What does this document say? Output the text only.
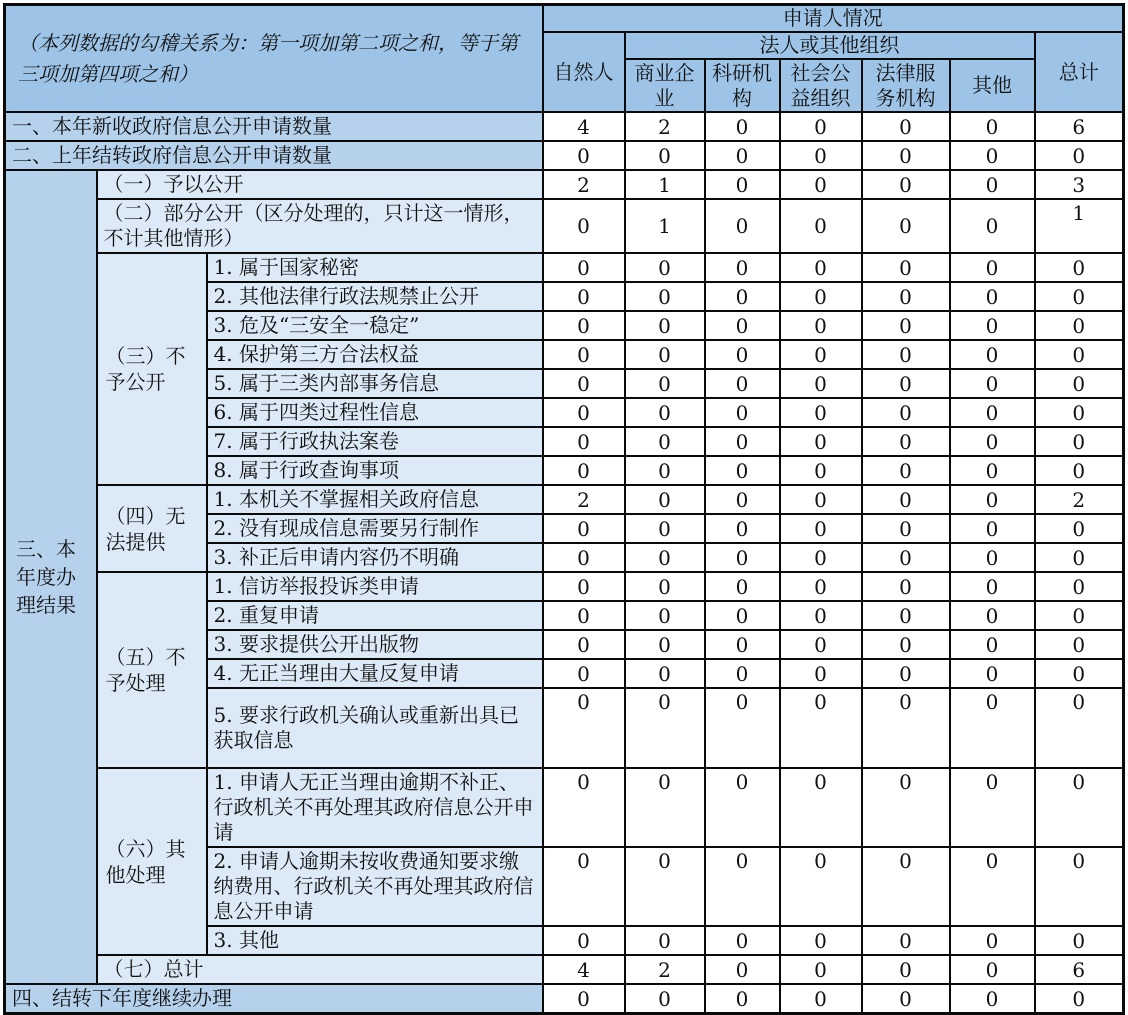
（本列数据的勾稽关系为：第一项加第二项之和，等于第三项加第四项之和）			申请人情况						
			自然人	法人或其他组织					总计
				商业企业	科研机构	社会公益组织	法律服务机构	其他	
一、本年新收政府信息公开申请数量			4	2	0	0	0	0	6
二、上年结转政府信息公开申请数量			0	0	0	0	0	0	0
三、本年度办理结果	（一）予以公开		2	1	0	0	0	0	3
	（二）部分公开（区分处理的，只计这一情形，不计其他情形）		0	1	0	0	0	0	1
	（三）不予公开	1. 属于国家秘密	0	0	0	0	0	0	0
		2. 其他法律行政法规禁止公开	0	0	0	0	0	0	0
		3. 危及“三安全一稳定”	0	0	0	0	0	0	0
		4. 保护第三方合法权益	0	0	0	0	0	0	0
		5. 属于三类内部事务信息	0	0	0	0	0	0	0
		6. 属于四类过程性信息	0	0	0	0	0	0	0
		7. 属于行政执法案卷	0	0	0	0	0	0	0
		8. 属于行政查询事项	0	0	0	0	0	0	0
	（四）无法提供	1. 本机关不掌握相关政府信息	2	0	0	0	0	0	2
		2. 没有现成信息需要另行制作	0	0	0	0	0	0	0
		3. 补正后申请内容仍不明确	0	0	0	0	0	0	0
	（五）不予处理	1. 信访举报投诉类申请	0	0	0	0	0	0	0
		2. 重复申请	0	0	0	0	0	0	0
		3. 要求提供公开出版物	0	0	0	0	0	0	0
		4. 无正当理由大量反复申请	0	0	0	0	0	0	0
		5. 要求行政机关确认或重新出具已获取信息	0	0	0	0	0	0	0
	（六）其他处理	1. 申请人无正当理由逾期不补正、行政机关不再处理其政府信息公开申请	0	0	0	0	0	0	0
		2. 申请人逾期未按收费通知要求缴纳费用、行政机关不再处理其政府信息公开申请	0	0	0	0	0	0	0
		3. 其他	0	0	0	0	0	0	0
	（七）总计		4	2	0	0	0	0	6
四、结转下年度继续办理			0	0	0	0	0	0	0
